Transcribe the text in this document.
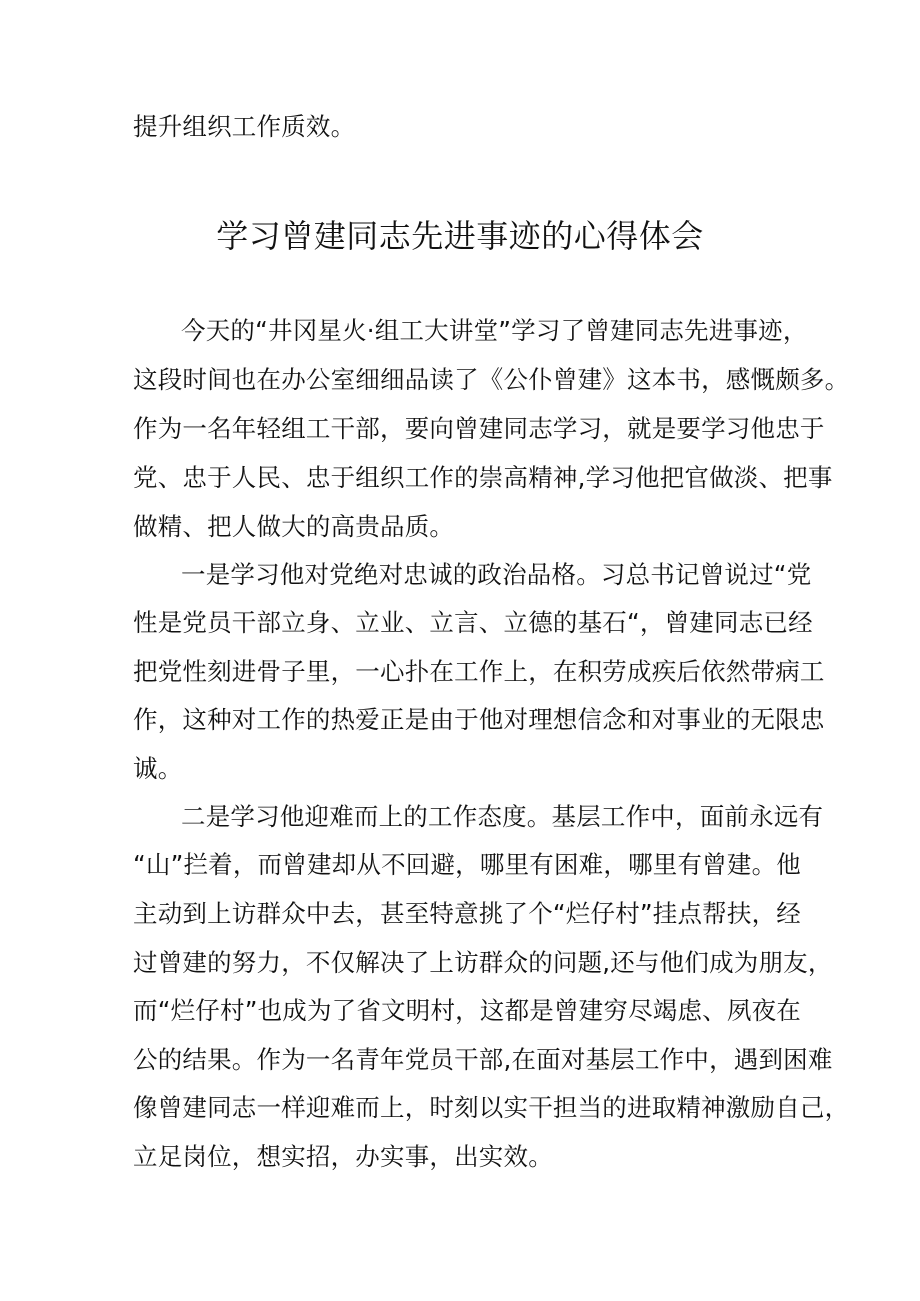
提升组织工作质效。
学习曾建同志先进事迹的心得体会
今天的“井冈星火·组工大讲堂”学习了曾建同志先进事迹，
这段时间也在办公室细细品读了《公仆曾建》这本书，感慨颇多。
作为一名年轻组工干部，要向曾建同志学习，就是要学习他忠于
党、忠于人民、忠于组织工作的崇高精神,学习他把官做淡、把事
做精、把人做大的高贵品质。
一是学习他对党绝对忠诚的政治品格。习总书记曾说过“党
性是党员干部立身、立业、立言、立德的基石“，曾建同志已经
把党性刻进骨子里，一心扑在工作上，在积劳成疾后依然带病工
作，这种对工作的热爱正是由于他对理想信念和对事业的无限忠
诚。
二是学习他迎难而上的工作态度。基层工作中，面前永远有
“山”拦着，而曾建却从不回避，哪里有困难，哪里有曾建。他
主动到上访群众中去，甚至特意挑了个“烂仔村”挂点帮扶，经
过曾建的努力，不仅解决了上访群众的问题,还与他们成为朋友，
而“烂仔村”也成为了省文明村，这都是曾建穷尽竭虑、夙夜在
公的结果。作为一名青年党员干部,在面对基层工作中，遇到困难
像曾建同志一样迎难而上，时刻以实干担当的进取精神激励自己，
立足岗位，想实招，办实事，出实效。
